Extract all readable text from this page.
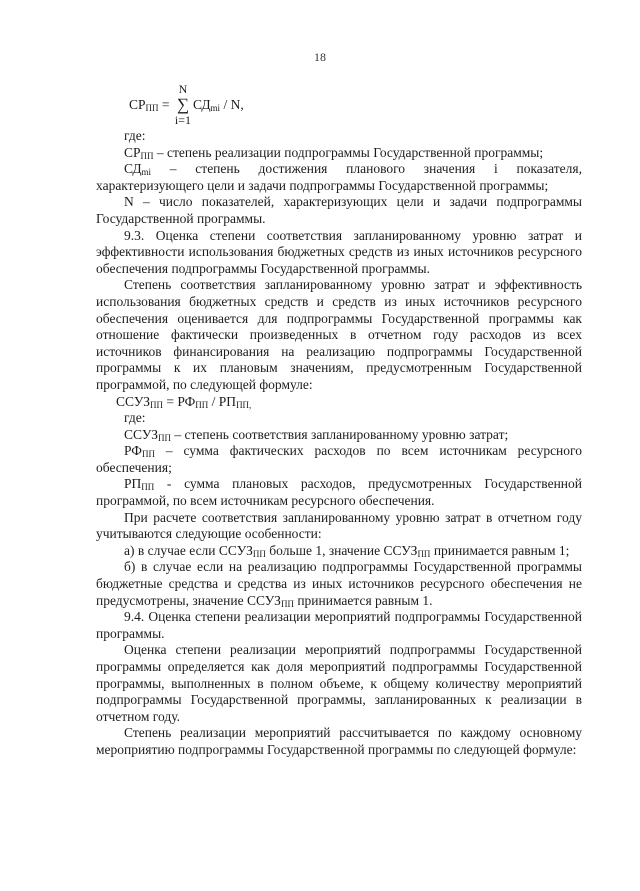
18
$СР_{ПП}$ =
N
∑
i=1
$СД_{mi}$ / N,

где:

$СР_{ПП}$ – степень реализации подпрограммы Государственной программы;

$СД_{mi}$ – степень достижения планового значения i показателя, характеризующего цели и задачи подпрограммы Государственной программы;

N – число показателей, характеризующих цели и задачи подпрограммы Государственной программы.

9.3. Оценка степени соответствия запланированному уровню затрат и эффективности использования бюджетных средств из иных источников ресурсного обеспечения подпрограммы Государственной программы.

Степень соответствия запланированному уровню затрат и эффективность использования бюджетных средств и средств из иных источников ресурсного обеспечения оценивается для подпрограммы Государственной программы как отношение фактически произведенных в отчетном году расходов из всех источников финансирования на реализацию подпрограммы Государственной программы к их плановым значениям, предусмотренным Государственной программой, по следующей формуле:

$ССУЗ_{ПП} = РФ_{ПП} / РП_{ПП,}$

где:

$ССУЗ_{ПП}$ – степень соответствия запланированному уровню затрат;

$РФ_{ПП}$ – сумма фактических расходов по всем источникам ресурсного обеспечения;

$РП_{ПП}$ - сумма плановых расходов, предусмотренных Государственной программой, по всем источникам ресурсного обеспечения.

При расчете соответствия запланированному уровню затрат в отчетном году учитываются следующие особенности:

а) в случае если $ССУЗ_{ПП}$ больше 1, значение $ССУЗ_{ПП}$ принимается равным 1;

б) в случае если на реализацию подпрограммы Государственной программы бюджетные средства и средства из иных источников ресурсного обеспечения не предусмотрены, значение $ССУЗ_{ПП}$ принимается равным 1.

9.4. Оценка степени реализации мероприятий подпрограммы Государственной программы.

Оценка степени реализации мероприятий подпрограммы Государственной программы определяется как доля мероприятий подпрограммы Государственной программы, выполненных в полном объеме, к общему количеству мероприятий подпрограммы Государственной программы, запланированных к реализации в отчетном году.

Степень реализации мероприятий рассчитывается по каждому основному мероприятию подпрограммы Государственной программы по следующей формуле:
